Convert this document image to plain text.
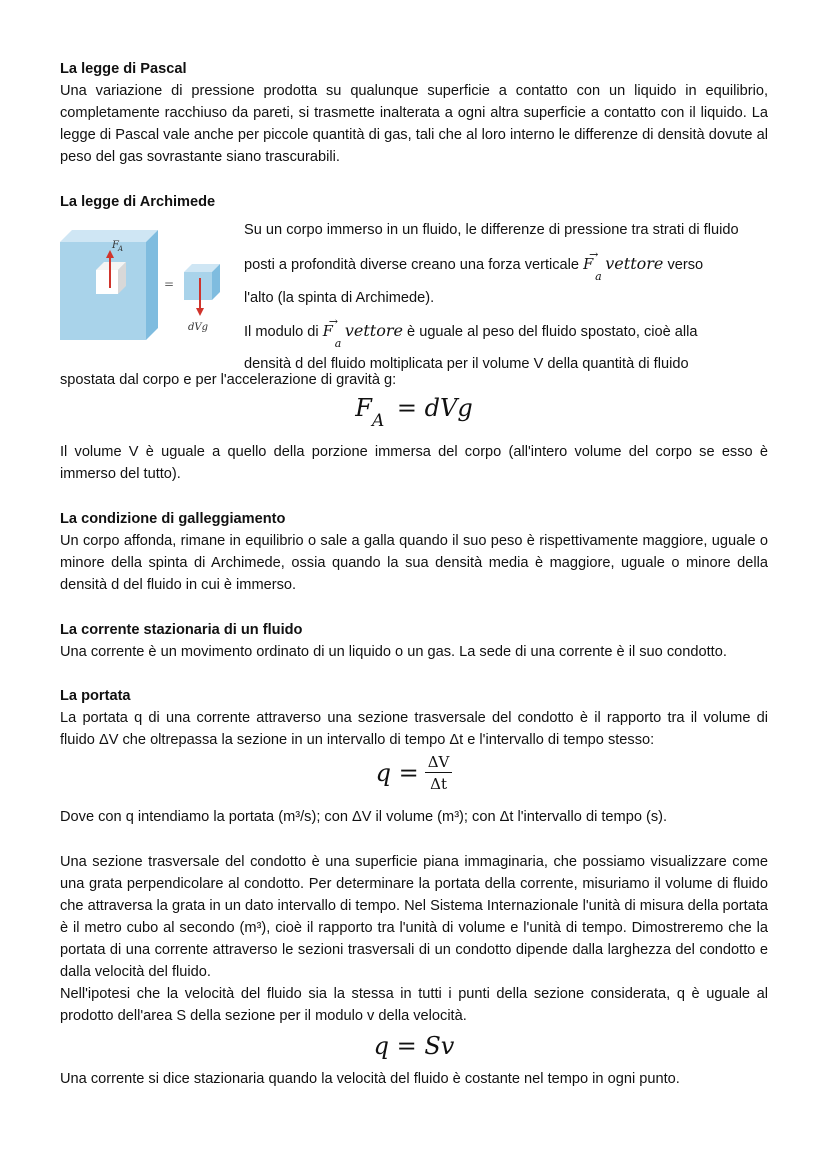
La legge di Pascal

Una variazione di pressione prodotta su qualunque superficie a contatto con un liquido in equilibrio, completamente racchiuso da pareti, si trasmette inalterata a ogni altra superficie a contatto con il liquido. La legge di Pascal vale anche per piccole quantità di gas, tali che al loro interno le differenze di densità dovute al peso del gas sovrastante siano trascurabili.

La legge di Archimede
F A
=
dVg

Su un corpo immerso in un fluido, le differenze di pressione tra strati di fluido

posti a profondità diverse creano una forza verticale F
→
a
vettore verso

l'alto (la spinta di Archimede).

Il modulo di F
→
a
vettore è uguale al peso del fluido spostato, cioè alla

densità d del fluido moltiplicata per il volume V della quantità di fluido

spostata dal corpo e per l'accelerazione di gravità g:

$F_A$ = dVg

Il volume V è uguale a quello della porzione immersa del corpo (all'intero volume del corpo se esso è immerso del tutto).

La condizione di galleggiamento

Un corpo affonda, rimane in equilibrio o sale a galla quando il suo peso è rispettivamente maggiore, uguale o minore della spinta di Archimede, ossia quando la sua densità media è maggiore, uguale o minore della densità d del fluido in cui è immerso.

La corrente stazionaria di un fluido

Una corrente è un movimento ordinato di un liquido o un gas. La sede di una corrente è il suo condotto.

La portata

La portata q di una corrente attraverso una sezione trasversale del condotto è il rapporto tra il volume di fluido ΔV che oltrepassa la sezione in un intervallo di tempo Δt e l'intervallo di tempo stesso:

$q = \frac{\Delta V}{\Delta t}$

Dove con q intendiamo la portata (m³/s); con ΔV il volume (m³); con Δt l'intervallo di tempo (s).

Una sezione trasversale del condotto è una superficie piana immaginaria, che possiamo visualizzare come una grata perpendicolare al condotto. Per determinare la portata della corrente, misuriamo il volume di fluido che attraversa la grata in un dato intervallo di tempo. Nel Sistema Internazionale l'unità di misura della portata è il metro cubo al secondo (m³), cioè il rapporto tra l'unità di volume e l'unità di tempo. Dimostreremo che la portata di una corrente attraverso le sezioni trasversali di un condotto dipende dalla larghezza del condotto e dalla velocità del fluido.

Nell'ipotesi che la velocità del fluido sia la stessa in tutti i punti della sezione considerata, q è uguale al prodotto dell'area S della sezione per il modulo v della velocità.

q = Sv

Una corrente si dice stazionaria quando la velocità del fluido è costante nel tempo in ogni punto.
